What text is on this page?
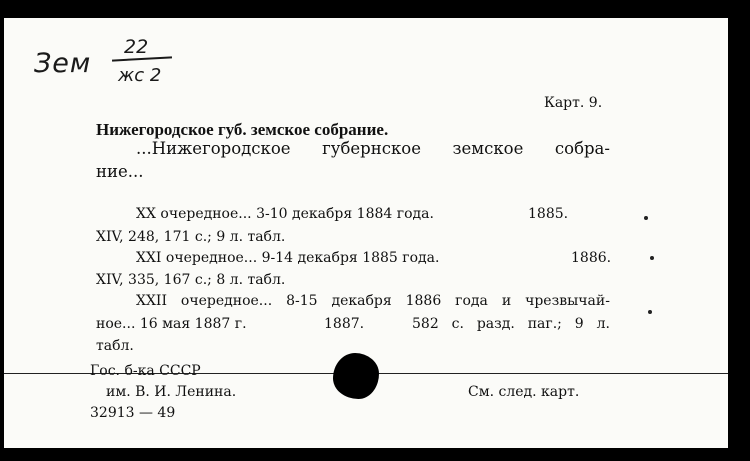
Зем
22
жс 2
Карт. 9.
Нижегородское губ. земское собрание.
...Нижегородское губернское земское собра-
ние...
XX очередное... 3-10 декабря 1884 года.	1885.
XIV, 248, 171 с.; 9 л. табл.
XXI очередное... 9-14 декабря 1885 года.	1886.
XIV, 335, 167 с.; 8 л. табл.
XXII очередное... 8-15 декабря 1886 года и чрезвычай-
ное... 16 мая 1887 г.	1887.	582 с. разд. паг.; 9 л.
табл.
Гос. б-ка СССР
им. В. И. Ленина.	См. след. карт.
32913 — 49
